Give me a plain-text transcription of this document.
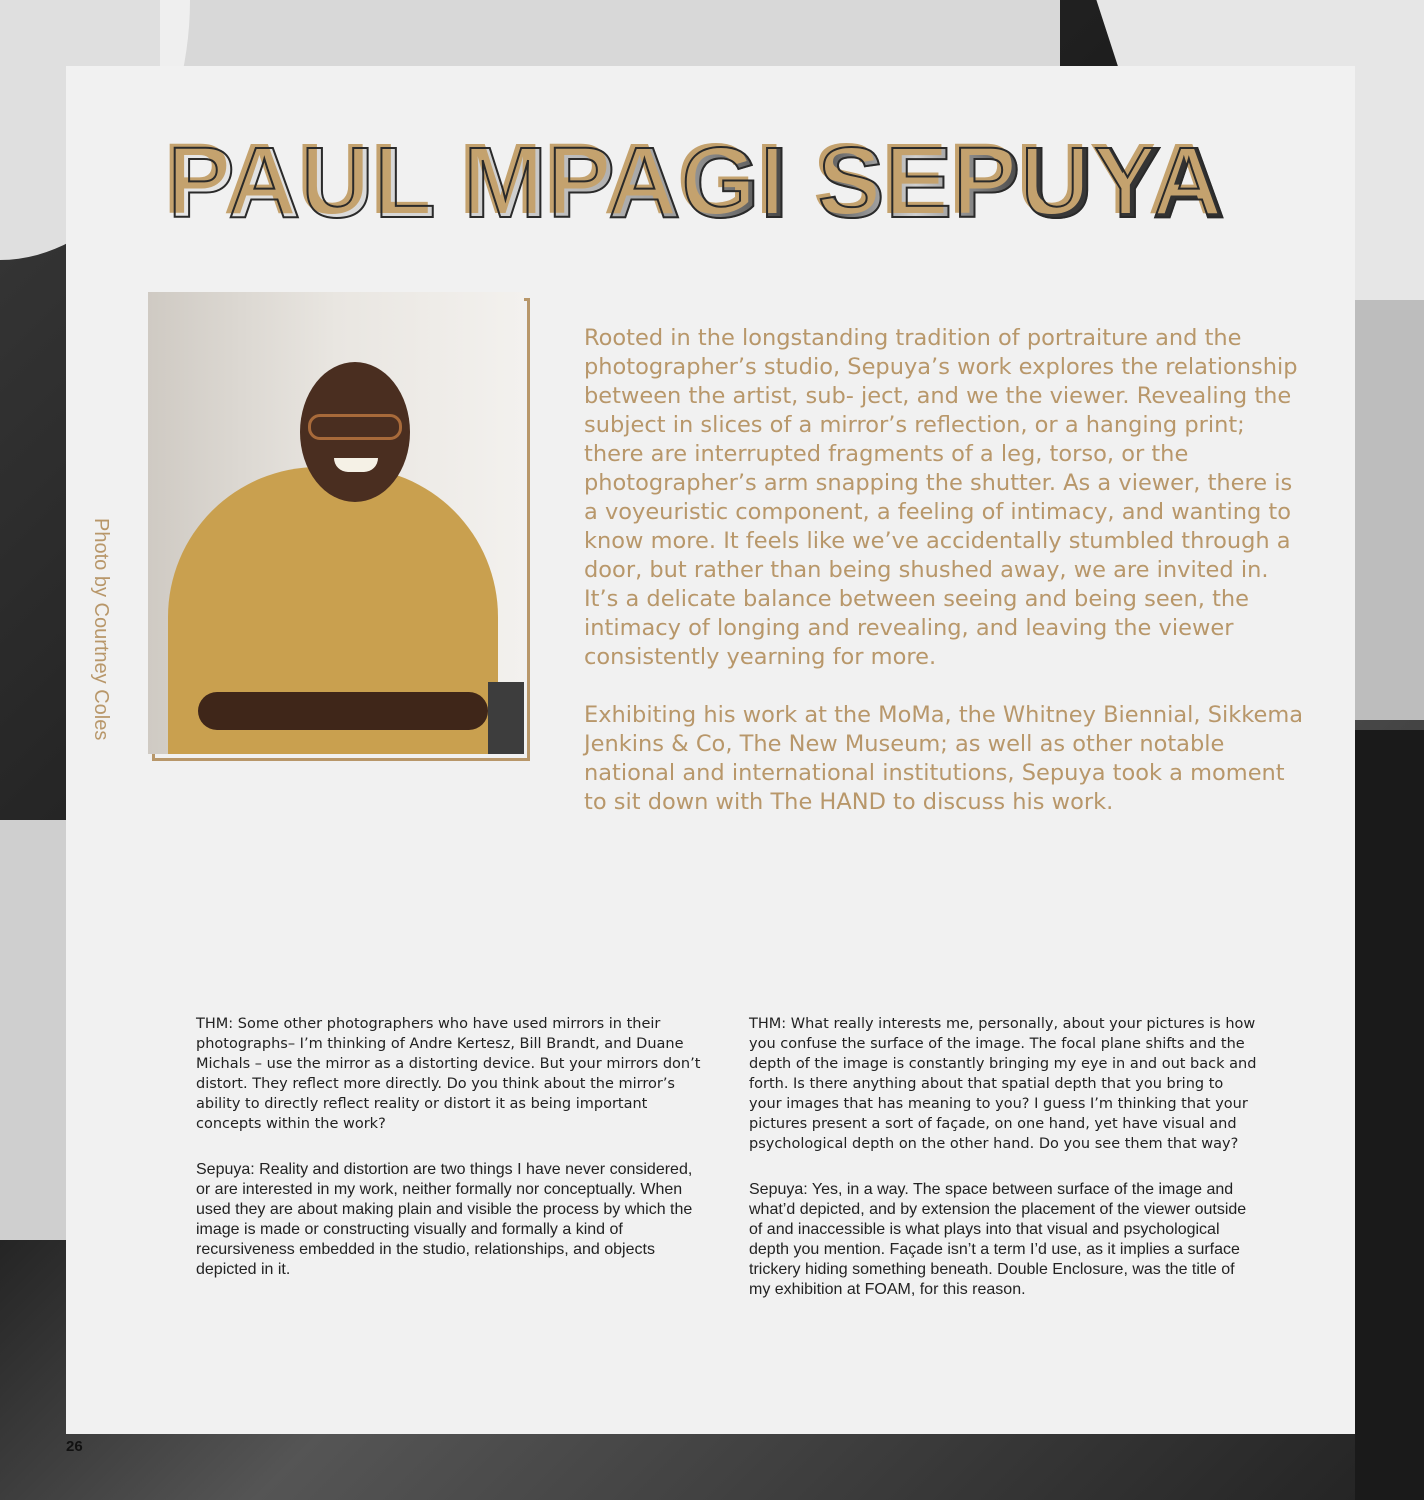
PAUL MPAGI SEPUYA
Photo by Courtney Coles

Rooted in the longstanding tradition of portraiture and the photographer’s studio, Sepuya’s work explores the relationship between the artist, sub- ject, and we the viewer. Revealing the subject in slices of a mirror’s reflection, or a hanging print; there are interrupted fragments of a leg, torso, or the photographer’s arm snapping the shutter. As a viewer, there is a voyeuristic component, a feeling of intimacy, and wanting to know more. It feels like we’ve accidentally stumbled through a door, but rather than being shushed away, we are invited in. It’s a delicate balance between seeing and being seen, the intimacy of longing and revealing, and leaving the viewer consistently yearning for more.

Exhibiting his work at the MoMa, the Whitney Biennial, Sikkema Jenkins & Co, The New Museum; as well as other notable national and international institutions, Sepuya took a moment to sit down with The HAND to discuss his work.

THM: Some other photographers who have used mirrors in their photographs– I’m thinking of Andre Kertesz, Bill Brandt, and Duane Michals – use the mirror as a distorting device. But your mirrors don’t distort. They reflect more directly. Do you think about the mirror’s ability to directly reflect reality or distort it as being important concepts within the work?

Sepuya: Reality and distortion are two things I have never considered, or are interested in my work, neither formally nor conceptually. When used they are about making plain and visible the process by which the image is made or constructing visually and formally a kind of recursiveness embedded in the studio, relationships, and objects depicted in it.

THM: What really interests me, personally, about your pictures is how you confuse the surface of the image. The focal plane shifts and the depth of the image is constantly bringing my eye in and out back and forth. Is there anything about that spatial depth that you bring to your images that has meaning to you? I guess I’m thinking that your pictures present a sort of façade, on one hand, yet have visual and psychological depth on the other hand. Do you see them that way?

Sepuya: Yes, in a way. The space between surface of the image and what’d depicted, and by extension the placement of the viewer outside of and inaccessible is what plays into that visual and psychological depth you mention. Façade isn’t a term I’d use, as it implies a surface trickery hiding something beneath. Double Enclosure, was the title of my exhibition at FOAM, for this reason.

26
